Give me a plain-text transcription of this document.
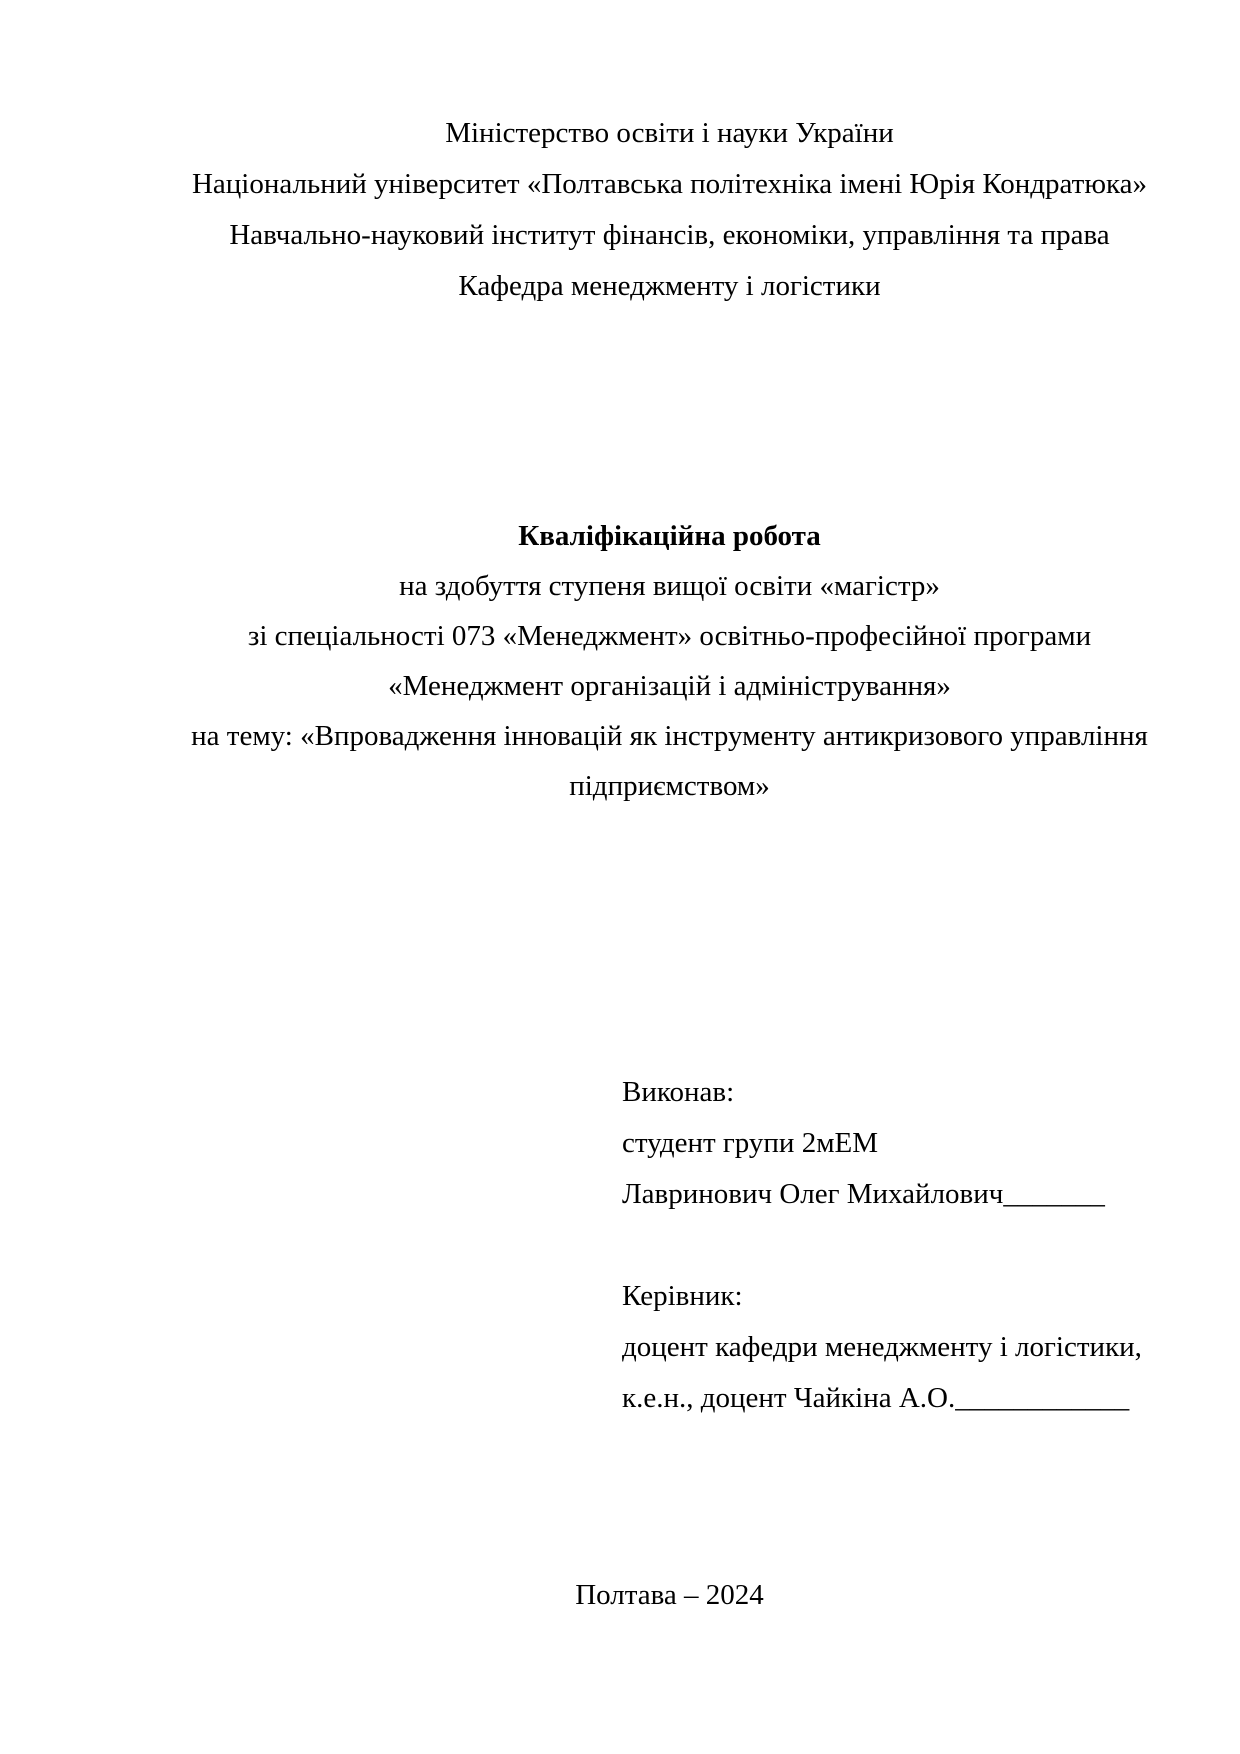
Міністерство освіти і науки України

Національний університет «Полтавська політехніка імені Юрія Кондратюка»

Навчально-науковий інститут фінансів, економіки, управління та права

Кафедра менеджменту і логістики

Кваліфікаційна робота

на здобуття ступеня вищої освіти «магістр»

зі спеціальності 073 «Менеджмент» освітньо-професійної програми

«Менеджмент організацій і адміністрування»

на тему: «Впровадження інновацій як інструменту антикризового управління

підприємством»

Виконав:

студент групи 2мЕМ

Лавринович Олег Михайлович_______

Керівник:

доцент кафедри менеджменту і логістики,

к.е.н., доцент Чайкіна А.О.____________

Полтава – 2024
